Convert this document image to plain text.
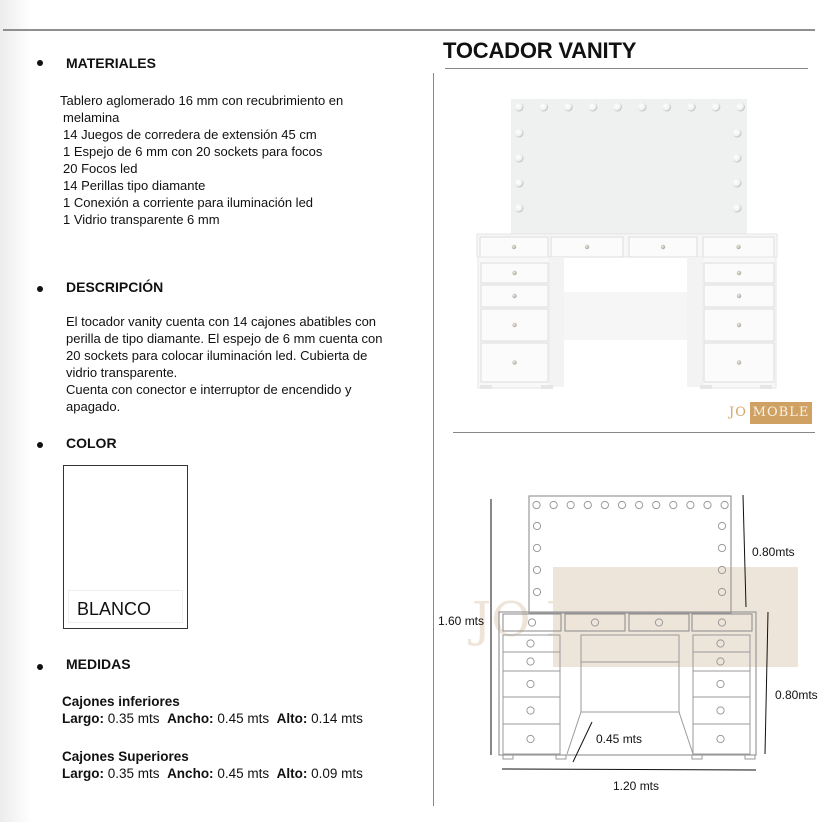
MATERIALES
Tablero aglomerado 16 mm con recubrimiento en
melamina
14 Juegos de corredera de extensión 45 cm
1 Espejo de 6 mm con 20 sockets para focos
20 Focos led
14 Perillas tipo diamante
1 Conexión a corriente para iluminación led
1 Vidrio transparente 6 mm
DESCRIPCIÓN
El tocador vanity cuenta con 14 cajones abatibles con
perilla de tipo diamante. El espejo de 6 mm cuenta con
20 sockets para colocar iluminación led. Cubierta de
vidrio transparente.
Cuenta con conector e interruptor de encendido y
apagado.
COLOR
BLANCO
MEDIDAS
Cajones inferiores
Largo: 0.35 mts Ancho: 0.45 mts Alto: 0.14 mts
Cajones Superiores
Largo: 0.35 mts Ancho: 0.45 mts Alto: 0.09 mts
TOCADOR VANITY
JO MOBLE
JO MOBLE
1.60 mts
0.80mts
0.80mts
0.45 mts
1.20 mts
